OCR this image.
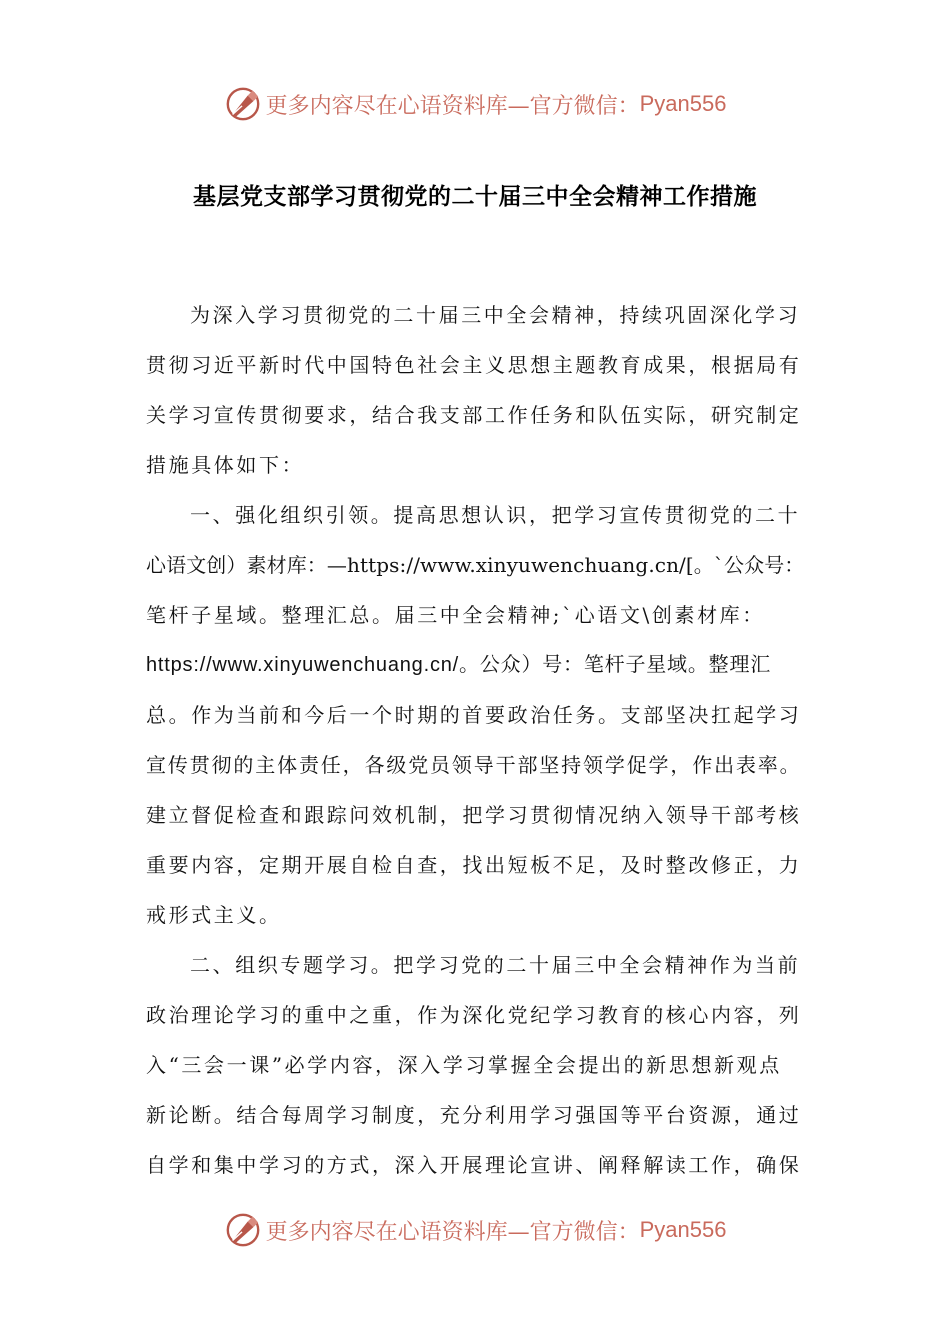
更多内容尽在心语资料库—官方微信： Pyan556
基层党支部学习贯彻党的二十届三中全会精神工作措施
为深入学习贯彻党的二十届三中全会精神，持续巩固深化学习
贯彻习近平新时代中国特色社会主义思想主题教育成果，根据局有
关学习宣传贯彻要求，结合我支部工作任务和队伍实际，研究制定
措施具体如下：
一、强化组织引领。提高思想认识，把学习宣传贯彻党的二十
心语文创）素材库：—https://www.xinyuwenchuang.cn/[。`公众号：
笔杆子星域。整理汇总。届三中全会精神;`心语文\创素材库：
https://www.xinyuwenchuang.cn/。公众）号：笔杆子星域。整理汇
总。作为当前和今后一个时期的首要政治任务。支部坚决扛起学习
宣传贯彻的主体责任，各级党员领导干部坚持领学促学，作出表率。
建立督促检查和跟踪问效机制，把学习贯彻情况纳入领导干部考核
重要内容，定期开展自检自查，找出短板不足，及时整改修正，力
戒形式主义。
二、组织专题学习。把学习党的二十届三中全会精神作为当前
政治理论学习的重中之重，作为深化党纪学习教育的核心内容，列
入“三会一课”必学内容，深入学习掌握全会提出的新思想新观点
新论断。结合每周学习制度，充分利用学习强国等平台资源，通过
自学和集中学习的方式，深入开展理论宣讲、阐释解读工作，确保
更多内容尽在心语资料库—官方微信： Pyan556
